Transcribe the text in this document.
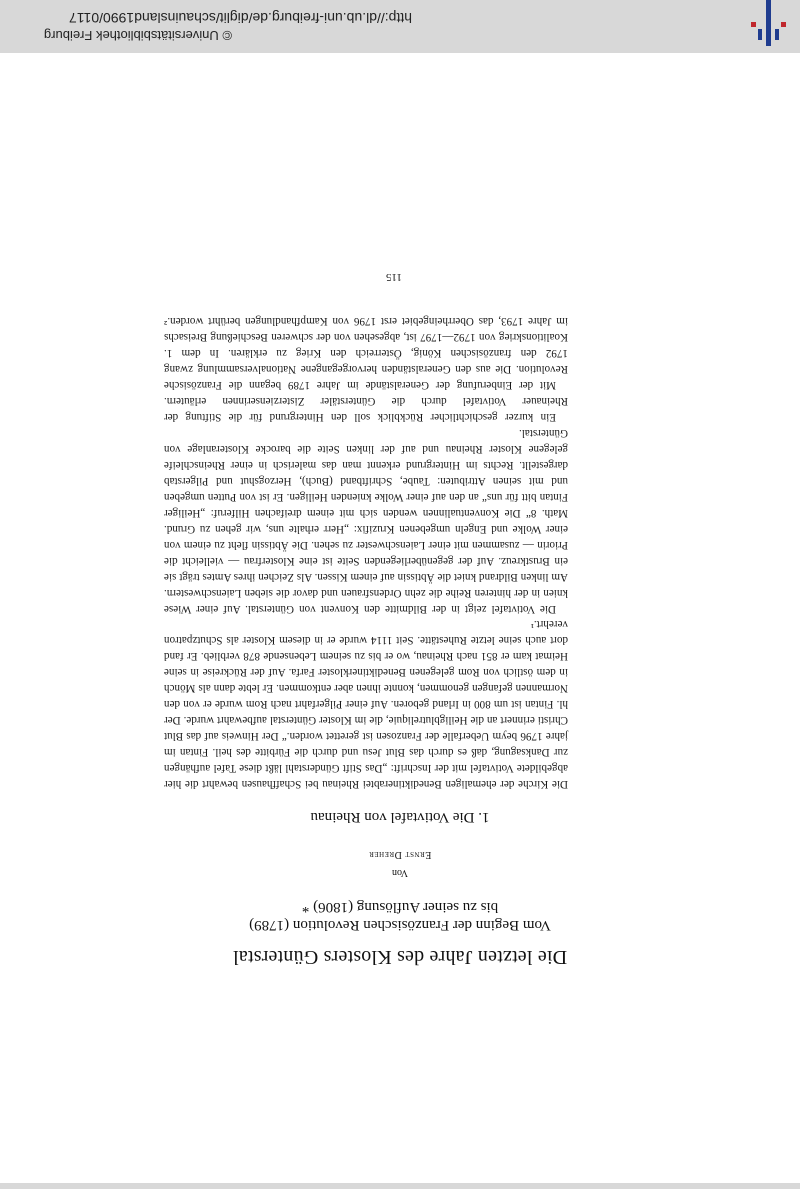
© Universitätsbibliothek Freiburg
http://dl.ub.uni-freiburg.de/diglit/schauinsland1990/0117
Die letzten Jahre des Klosters Günterstal
Vom Beginn der Französischen Revolution (1789)
bis zu seiner Auflösung (1806) *
Von
Ernst Dreher
1. Die Votivtafel von Rheinau

Die Kirche der ehemaligen Benediktinerabtei Rheinau bei Schaffhausen bewahrt die hier abgebildete Votivtafel mit der Inschrift: „Das Stift Günderstahl läßt diese Tafel aufhängen zur Danksagung, daß es durch das Blut Jesu und durch die Fürbitte des heil. Fintan im jahre 1796 beym Ueberfalle der Franzosen ist gerettet worden.“ Der Hinweis auf das Blut Christi erinnert an die Heiligblutreliquie, die im Kloster Günterstal aufbewahrt wurde. Der hl. Fintan ist um 800 in Irland geboren. Auf einer Pilgerfahrt nach Rom wurde er von den Normannen gefangen genommen, konnte ihnen aber entkommen. Er lebte dann als Mönch in dem östlich von Rom gelegenen Benediktinerkloster Farfa. Auf der Rückreise in seine Heimat kam er 851 nach Rheinau, wo er bis zu seinem Lebensende 878 verblieb. Er fand dort auch seine letzte Ruhestätte. Seit 1114 wurde er in diesem Kloster als Schutzpatron verehrt.¹

Die Votivtafel zeigt in der Bildmitte den Konvent von Günterstal. Auf einer Wiese knien in der hinteren Reihe die zehn Ordensfrauen und davor die sieben Laienschwestern. Am linken Bildrand kniet die Äbtissin auf einem Kissen. Als Zeichen ihres Amtes trägt sie ein Brustkreuz. Auf der gegenüberliegenden Seite ist eine Klosterfrau — vielleicht die Priorin — zusammen mit einer Laienschwester zu sehen. Die Äbtissin fleht zu einem von einer Wolke und Engeln umgebenen Kruzifix: „Herr erhalte uns, wir gehen zu Grund. Math. 8“ Die Konventualinnen wenden sich mit einem dreifachen Hilferuf: „Heiliger Fintan bitt für uns“ an den auf einer Wolke knienden Heiligen. Er ist von Putten umgeben und mit seinen Attributen: Taube, Schriftband (Buch), Herzogshut und Pilgerstab dargestellt. Rechts im Hintergrund erkennt man das malerisch in einer Rheinschleife gelegene Kloster Rheinau und auf der linken Seite die barocke Klosteranlage von Günterstal.

Ein kurzer geschichtlicher Rückblick soll den Hintergrund für die Stiftung der Rheinauer Votivtafel durch die Günterstäler Zisterzienserinnen erläutern.

Mit der Einberufung der Generalstände im Jahre 1789 begann die Französische Revolution. Die aus den Generalständen hervorgegangene Nationalversammlung zwang 1792 den französischen König, Österreich den Krieg zu erklären. In dem 1. Koalitionskrieg von 1792—1797 ist, abgesehen von der schweren Beschießung Breisachs im Jahre 1793, das Oberrheingebiet erst 1796 von Kampfhandlungen berührt worden.²

115
